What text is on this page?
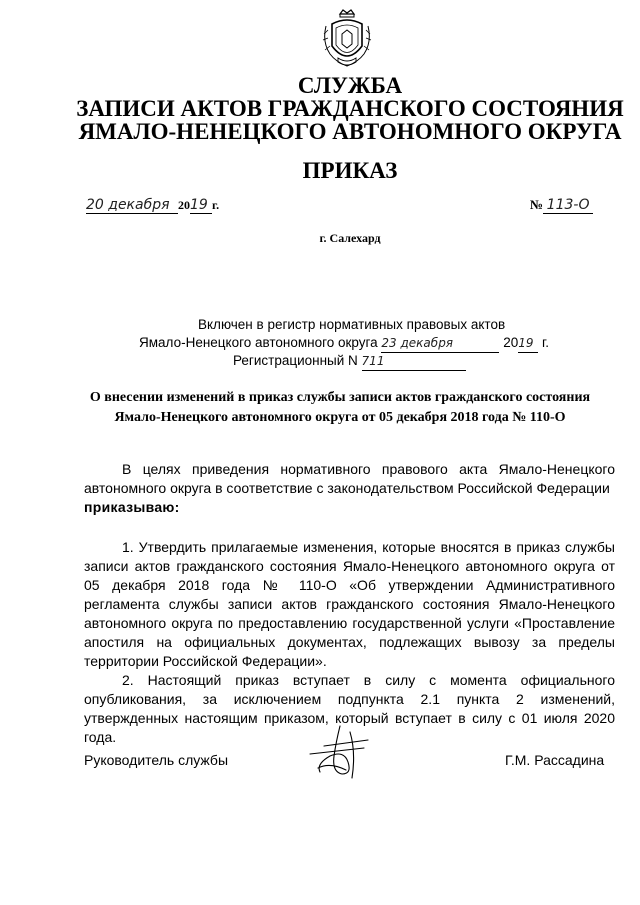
СЛУЖБА
ЗАПИСИ АКТОВ ГРАЖДАНСКОГО СОСТОЯНИЯ
ЯМАЛО-НЕНЕЦКОГО АВТОНОМНОГО ОКРУГА
ПРИКАЗ
20 декабря 2019 г.	№ 113-О
г. Салехард
Включен в регистр нормативных правовых актов
Ямало-Ненецкого автономного округа 23 декабря	2019 г.
Регистрационный N 711
О внесении изменений в приказ службы записи актов гражданского состояния
Ямало-Ненецкого автономного округа от 05 декабря 2018 года № 110-О

В целях приведения нормативного правового акта Ямало-Ненецкого автономного округа в соответствие с законодательством Российской Федерации

приказываю:

1. Утвердить прилагаемые изменения, которые вносятся в приказ службы записи актов гражданского состояния Ямало-Ненецкого автономного округа от 05 декабря 2018 года № 110-О «Об утверждении Административного регламента службы записи актов гражданского состояния Ямало-Ненецкого автономного округа по предоставлению государственной услуги «Проставление апостиля на официальных документах, подлежащих вывозу за пределы территории Российской Федерации».

2. Настоящий приказ вступает в силу с момента официального опубликования, за исключением подпункта 2.1 пункта 2 изменений, утвержденных настоящим приказом, который вступает в силу с 01 июля 2020 года.

Руководитель службы	Г.М. Рассадина
